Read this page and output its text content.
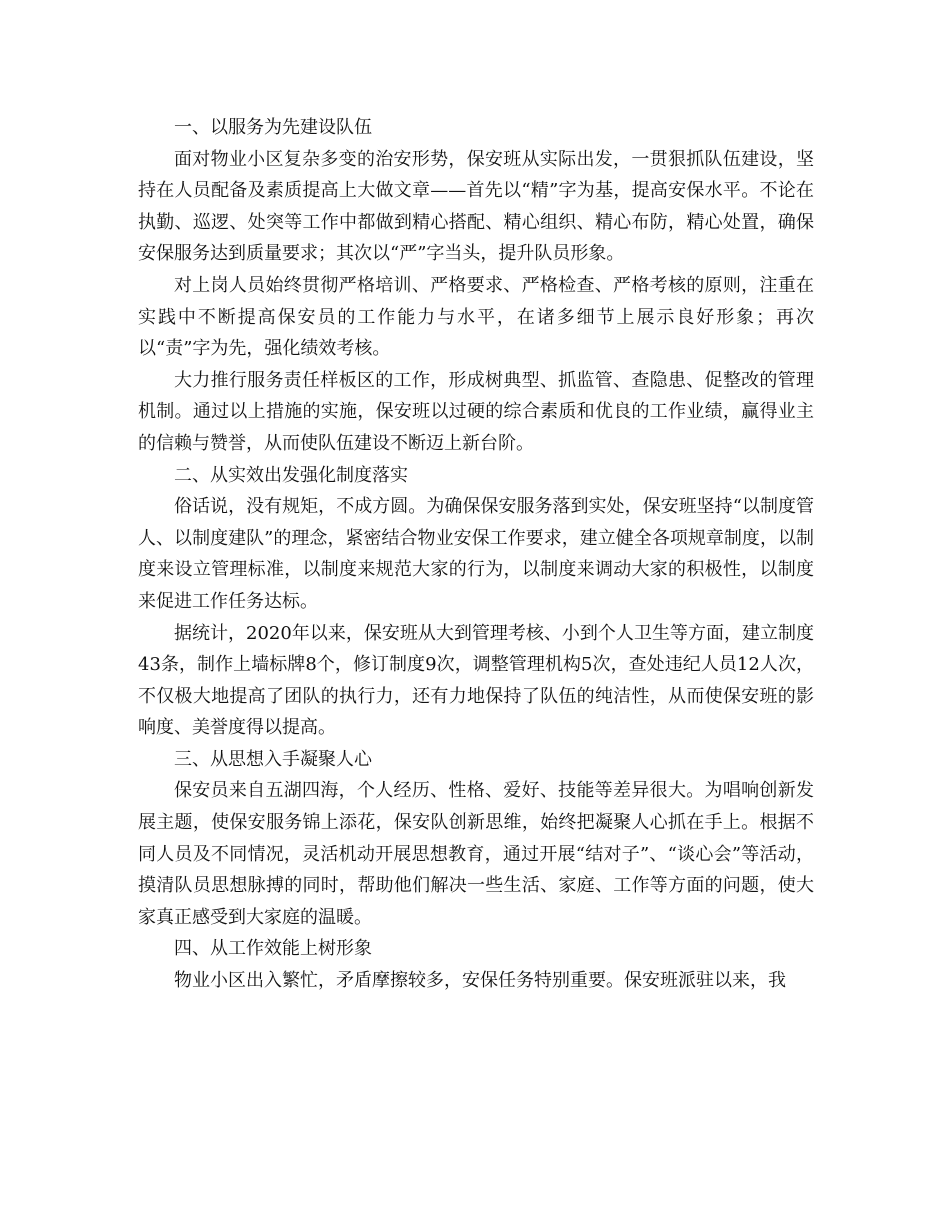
一、以服务为先建设队伍

面对物业小区复杂多变的治安形势，保安班从实际出发，一贯狠抓队伍建设，坚持在人员配备及素质提高上大做文章——首先以“精”字为基，提高安保水平。不论在执勤、巡逻、处突等工作中都做到精心搭配、精心组织、精心布防，精心处置，确保安保服务达到质量要求；其次以“严”字当头，提升队员形象。

对上岗人员始终贯彻严格培训、严格要求、严格检查、严格考核的原则，注重在实践中不断提高保安员的工作能力与水平，在诸多细节上展示良好形象；再次以“责”字为先，强化绩效考核。

大力推行服务责任样板区的工作，形成树典型、抓监管、查隐患、促整改的管理机制。通过以上措施的实施，保安班以过硬的综合素质和优良的工作业绩，赢得业主的信赖与赞誉，从而使队伍建设不断迈上新台阶。

二、从实效出发强化制度落实

俗话说，没有规矩，不成方圆。为确保保安服务落到实处，保安班坚持“以制度管人、以制度建队”的理念，紧密结合物业安保工作要求，建立健全各项规章制度，以制度来设立管理标准，以制度来规范大家的行为，以制度来调动大家的积极性，以制度来促进工作任务达标。

据统计，2020年以来，保安班从大到管理考核、小到个人卫生等方面，建立制度43条，制作上墙标牌8个，修订制度9次，调整管理机构5次，查处违纪人员12人次，不仅极大地提高了团队的执行力，还有力地保持了队伍的纯洁性，从而使保安班的影响度、美誉度得以提高。

三、从思想入手凝聚人心

保安员来自五湖四海，个人经历、性格、爱好、技能等差异很大。为唱响创新发展主题，使保安服务锦上添花，保安队创新思维，始终把凝聚人心抓在手上。根据不同人员及不同情况，灵活机动开展思想教育，通过开展“结对子”、“谈心会”等活动，摸清队员思想脉搏的同时，帮助他们解决一些生活、家庭、工作等方面的问题，使大家真正感受到大家庭的温暖。

四、从工作效能上树形象

物业小区出入繁忙，矛盾摩擦较多，安保任务特别重要。保安班派驻以来，我
